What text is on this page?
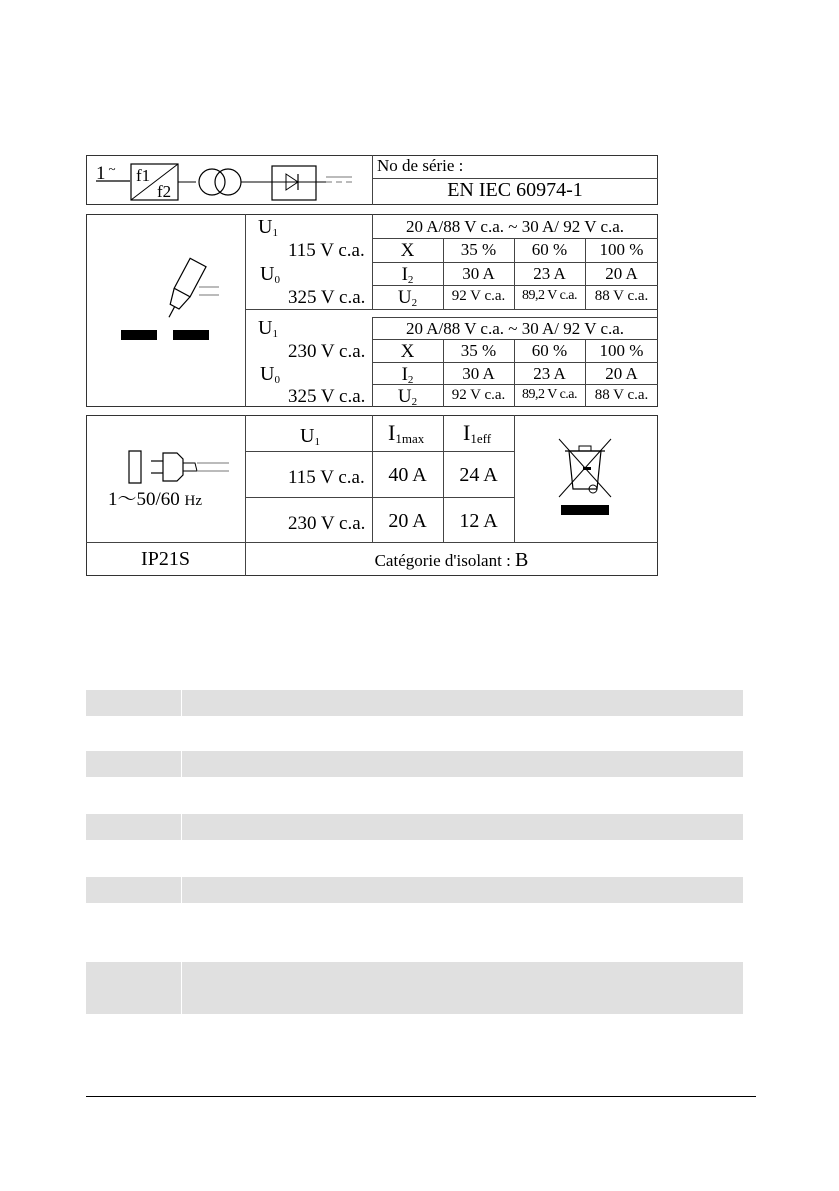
1 ~ f1
f2
No de série :
EN IEC 60974-1
$U_1$
115 V c.a.
$U_0$
325 V c.a.
20 A/88 V c.a. ~ 30 A/ 92 V c.a.
X	35 %	60 %	100 %
$I_2$	30 A	23 A	20 A
$U_2$	92 V c.a.	89,2 V c.a.	88 V c.a.
$U_1$
230 V c.a.
$U_0$
325 V c.a.
20 A/88 V c.a. ~ 30 A/ 92 V c.a.
X	35 %	60 %	100 %
$I_2$	30 A	23 A	20 A
$U_2$	92 V c.a.	89,2 V c.a.	88 V c.a.
1～50/60 Hz
$U_1$	$I_{1max}$ $I_{1eff}$
115 V c.a.	40 A	24 A
230 V c.a.	20 A	12 A
IP21S	Catégorie d'isolant : B
